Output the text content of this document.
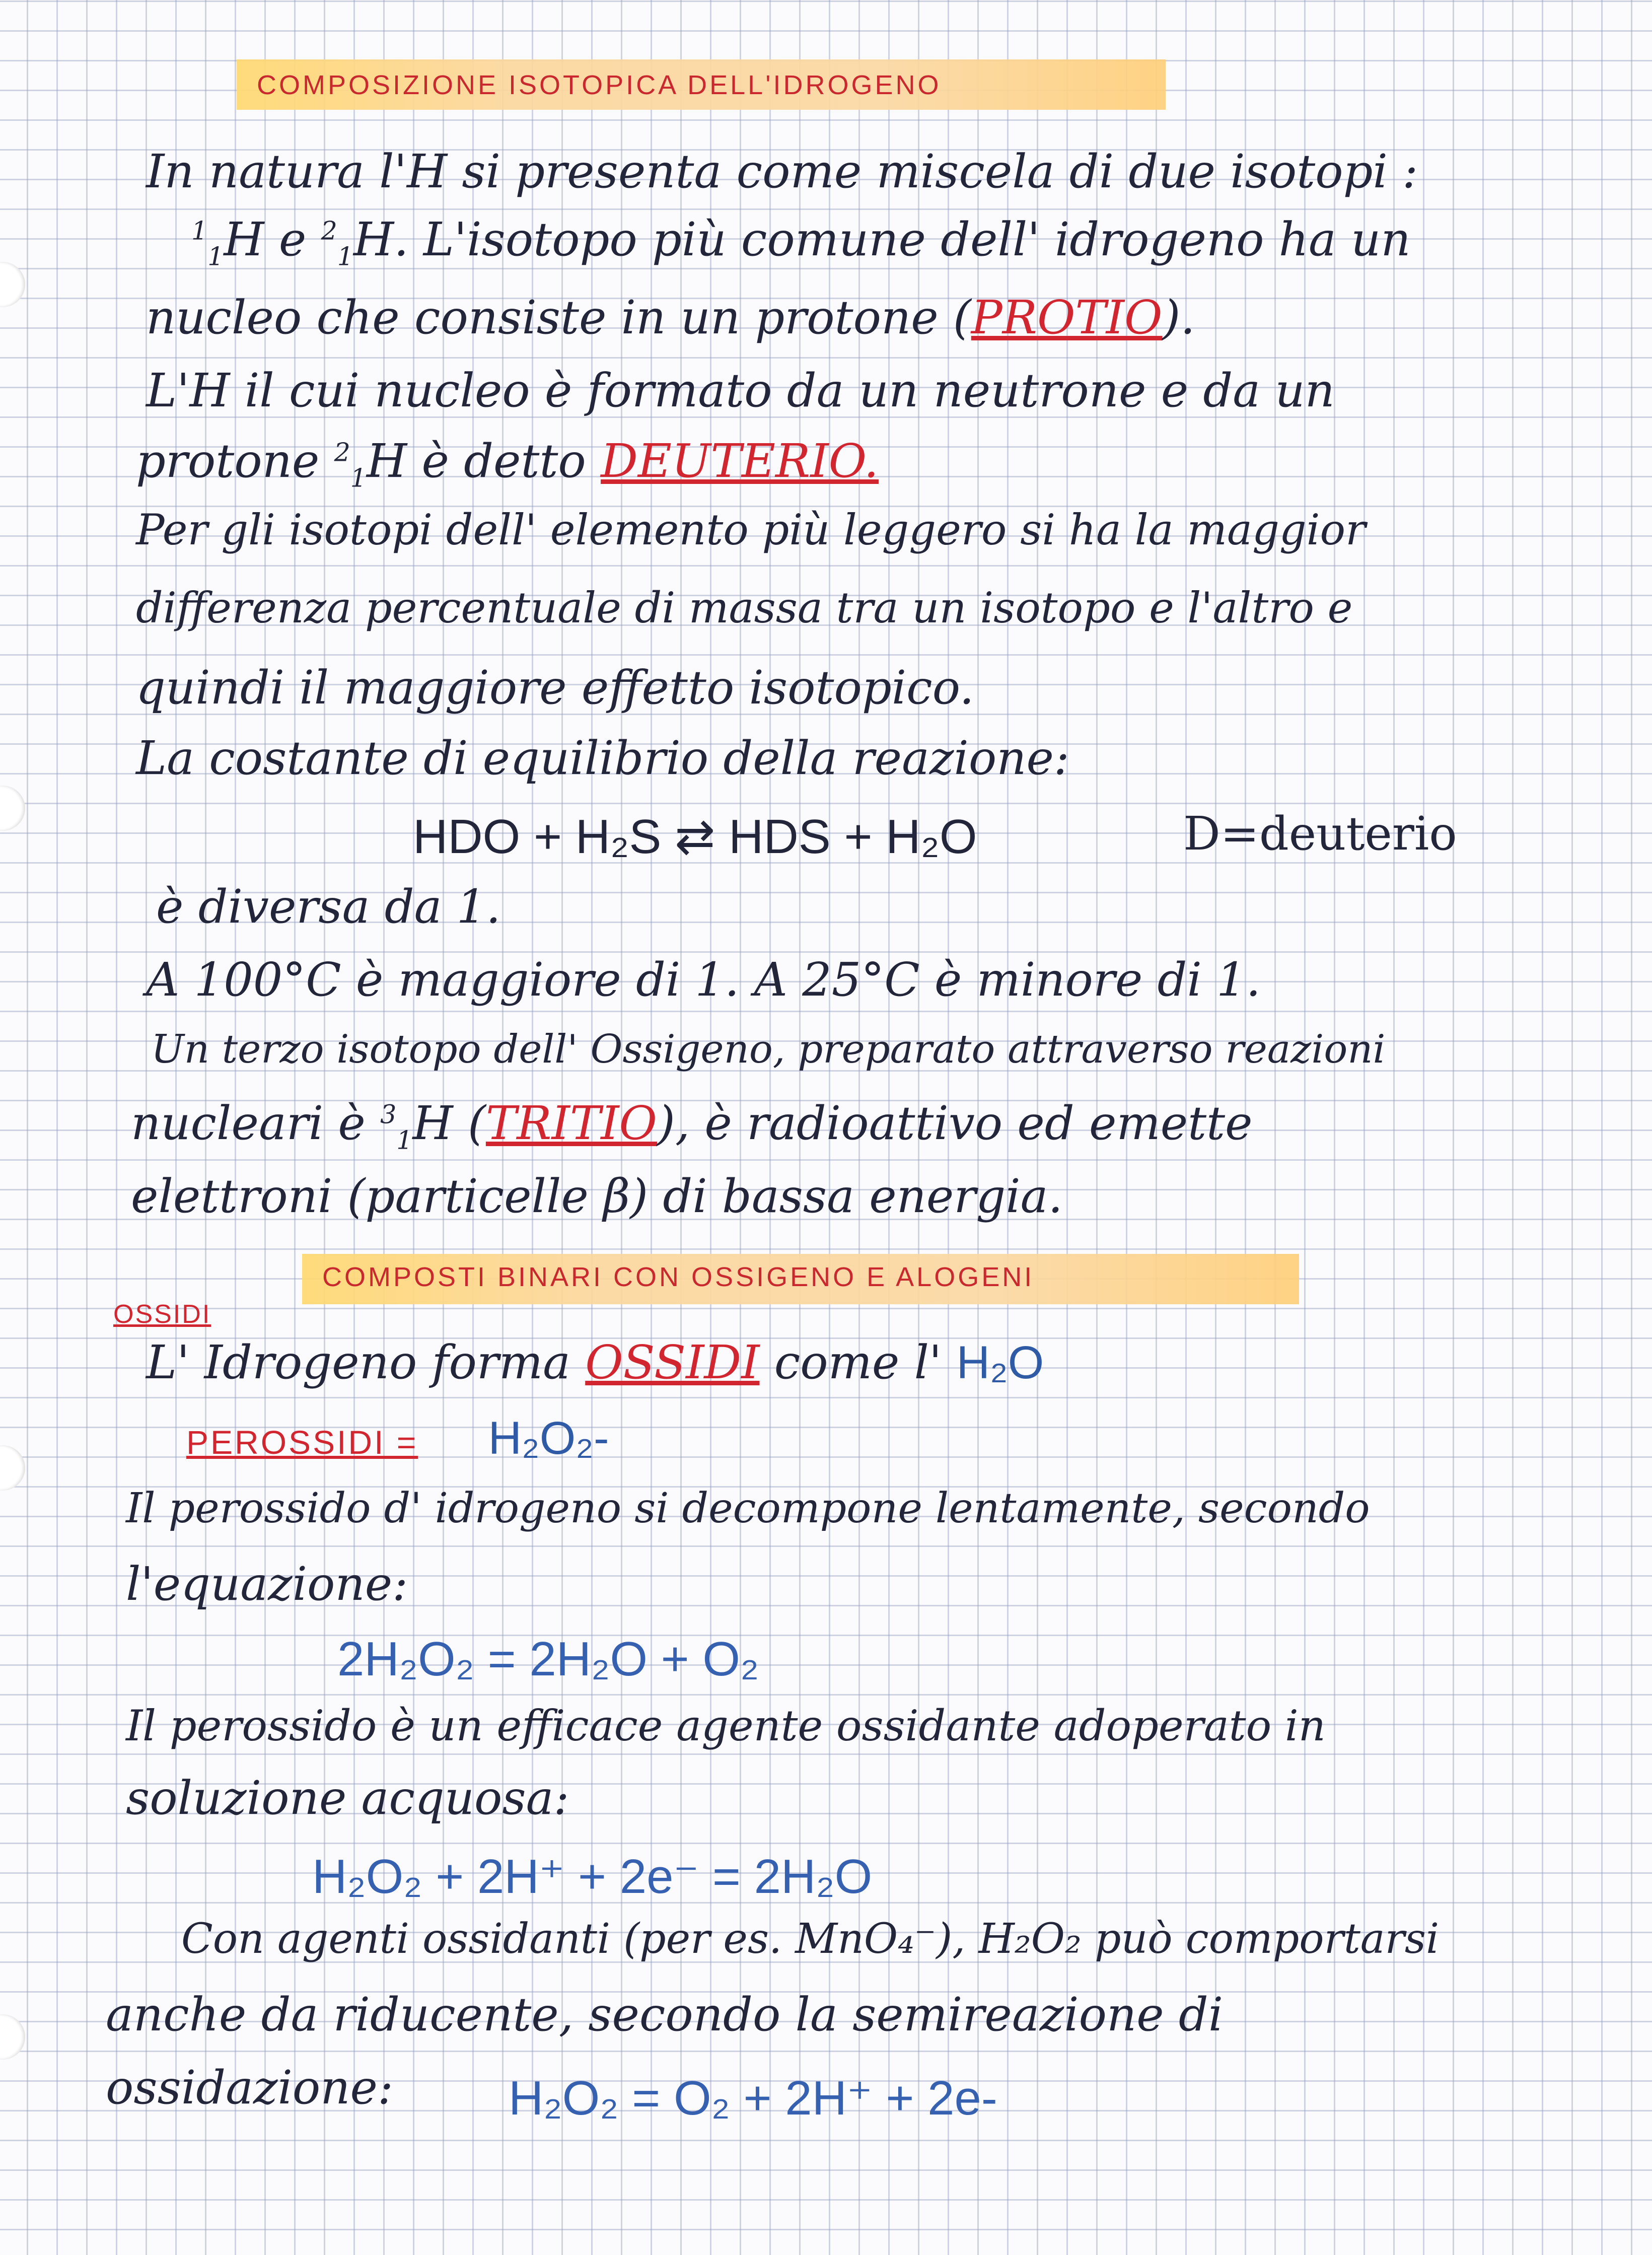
COMPOSIZIONE ISOTOPICA DELL'IDROGENO
In natura l'H si presenta come miscela di due isotopi :
$^1_1$H e $^2_1$H. L'isotopo più comune dell' idrogeno ha un
nucleo che consiste in un protone (PROTIO).
L'H il cui nucleo è formato da un neutrone e da un
protone $^2_1$H è detto DEUTERIO.
Per gli isotopi dell' elemento più leggero si ha la maggior
differenza percentuale di massa tra un isotopo e l'altro e
quindi il maggiore effetto isotopico.
La costante di equilibrio della reazione:
HDO + H₂S ⇄ HDS + H₂O	D=deuterio
è diversa da 1.
A 100°C è maggiore di 1. A 25°C è minore di 1.
Un terzo isotopo dell' Ossigeno, preparato attraverso reazioni
nucleari è $^3_1$H (TRITIO), è radioattivo ed emette
elettroni (particelle β) di bassa energia.
COMPOSTI BINARI CON OSSIGENO E ALOGENI
OSSIDI
L' Idrogeno forma OSSIDI come l' H₂O
PEROSSIDI = H₂O₂-
Il perossido d' idrogeno si decompone lentamente, secondo
l'equazione:
2H₂O₂ = 2H₂O + O₂
Il perossido è un efficace agente ossidante adoperato in
soluzione acquosa:
H₂O₂ + 2H⁺ + 2e⁻ = 2H₂O
Con agenti ossidanti (per es. MnO₄⁻), H₂O₂ può comportarsi
anche da riducente, secondo la semireazione di
ossidazione: H₂O₂ = O₂ + 2H⁺ + 2e-
